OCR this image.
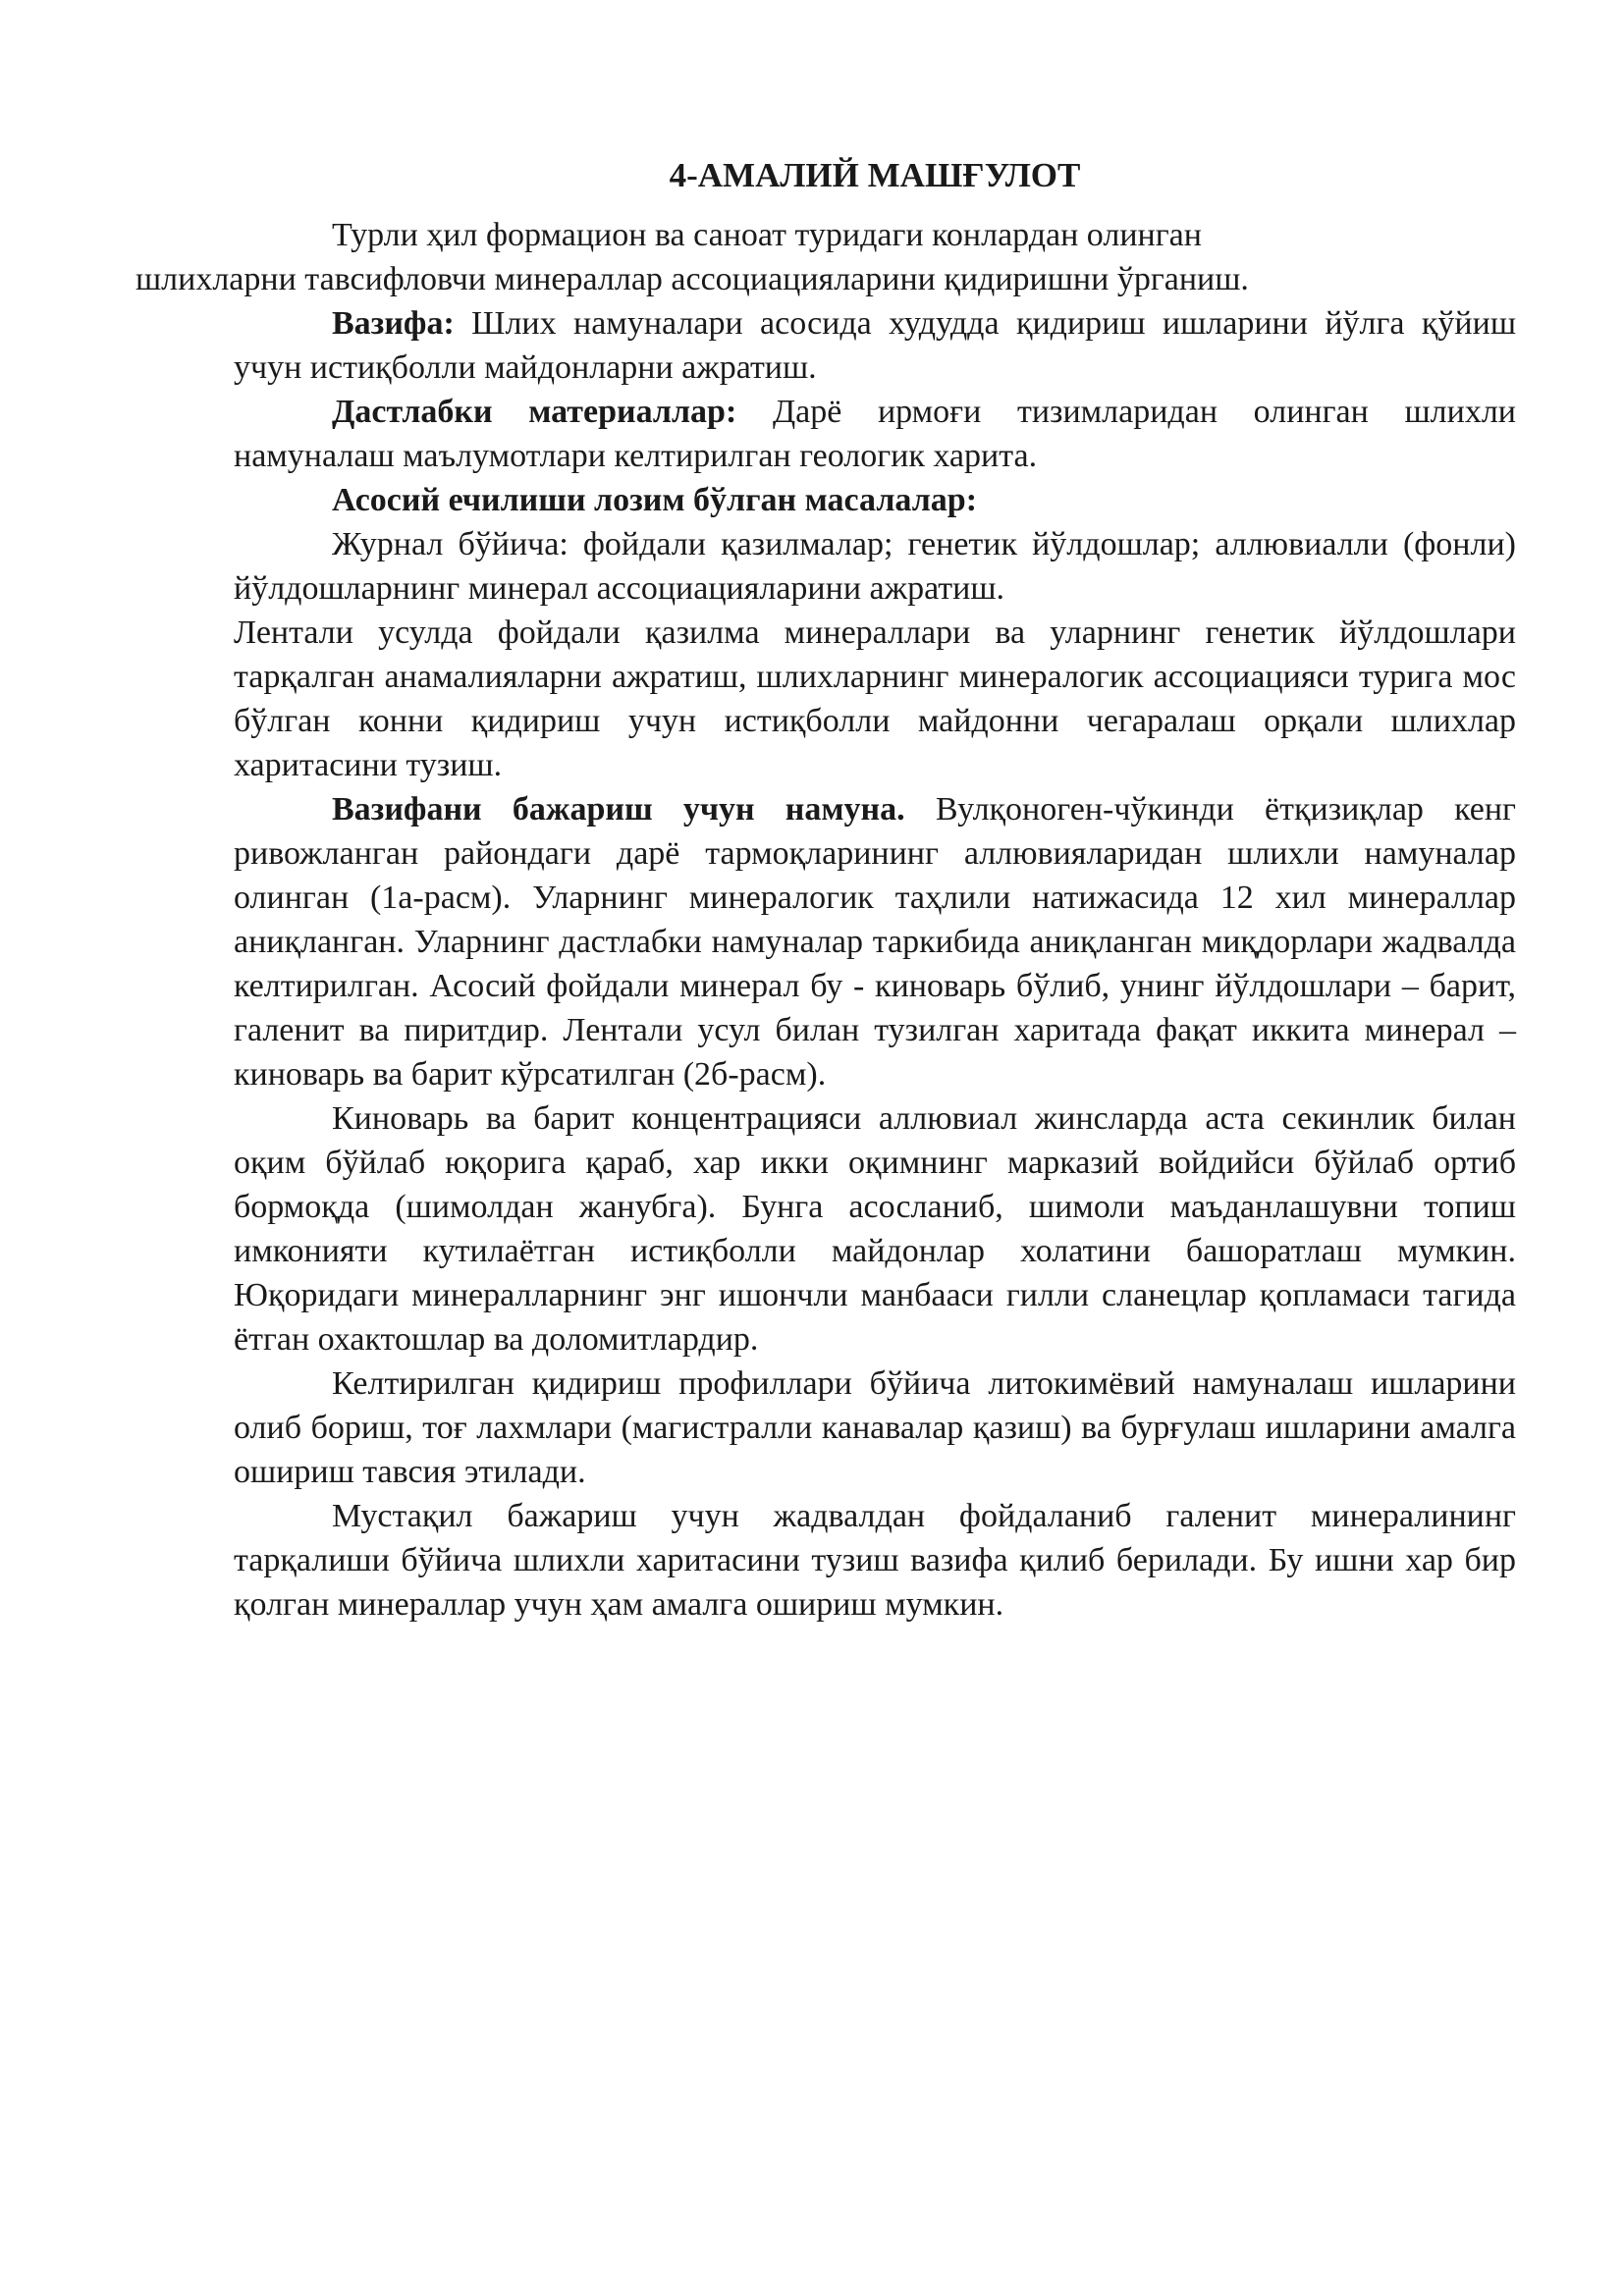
4-АМАЛИЙ МАШҒУЛОТ

Турли ҳил формацион ва саноат туридаги конлардан олинган
шлихларни тавсифловчи минераллар ассоциацияларини қидиришни ўрганиш.

Вазифа: Шлих намуналари асосида худудда қидириш ишларини йўлга қўйиш учун истиқболли майдонларни ажратиш.

Дастлабки материаллар: Дарё ирмоғи тизимларидан олинган шлихли намуналаш маълумотлари келтирилган геологик харита.

Асосий ечилиши лозим бўлган масалалар:

Журнал бўйича: фойдали қазилмалар; генетик йўлдошлар; аллювиалли (фонли) йўлдошларнинг минерал ассоциацияларини ажратиш.

Лентали усулда фойдали қазилма минераллари ва уларнинг генетик йўлдошлари тарқалган анамалияларни ажратиш, шлихларнинг минералогик ассоциацияси турига мос бўлган конни қидириш учун истиқболли майдонни чегаралаш орқали шлихлар харитасини тузиш.

Вазифани бажариш учун намуна. Вулқоноген-чўкинди ётқизиқлар кенг ривожланган райондаги дарё тармоқларининг аллювияларидан шлихли намуналар олинган (1а-расм). Уларнинг минералогик таҳлили натижасида 12 хил минераллар аниқланган. Уларнинг дастлабки намуналар таркибида аниқланган миқдорлари жадвалда келтирилган. Асосий фойдали минерал бу - киноварь бўлиб, унинг йўлдошлари – барит, галенит ва пиритдир. Лентали усул билан тузилган харитада фақат иккита минерал – киноварь ва барит кўрсатилган (2б-расм).

Киноварь ва барит концентрацияси аллювиал жинсларда аста секинлик билан оқим бўйлаб юқорига қараб, хар икки оқимнинг марказий войдийси бўйлаб ортиб бормоқда (шимолдан жанубга). Бунга асосланиб, шимоли маъданлашувни топиш имконияти кутилаётган истиқболли майдонлар холатини башоратлаш мумкин. Юқоридаги минералларнинг энг ишончли манбааси гилли сланецлар қопламаси тагида ётган охактошлар ва доломитлардир.

Келтирилган қидириш профиллари бўйича литокимёвий намуналаш ишларини олиб бориш, тоғ лахмлари (магистралли канавалар қазиш) ва бурғулаш ишларини амалга ошириш тавсия этилади.

Мустақил бажариш учун жадвалдан фойдаланиб галенит минералининг тарқалиши бўйича шлихли харитасини тузиш вазифа қилиб берилади. Бу ишни хар бир қолган минераллар учун ҳам амалга ошириш мумкин.
